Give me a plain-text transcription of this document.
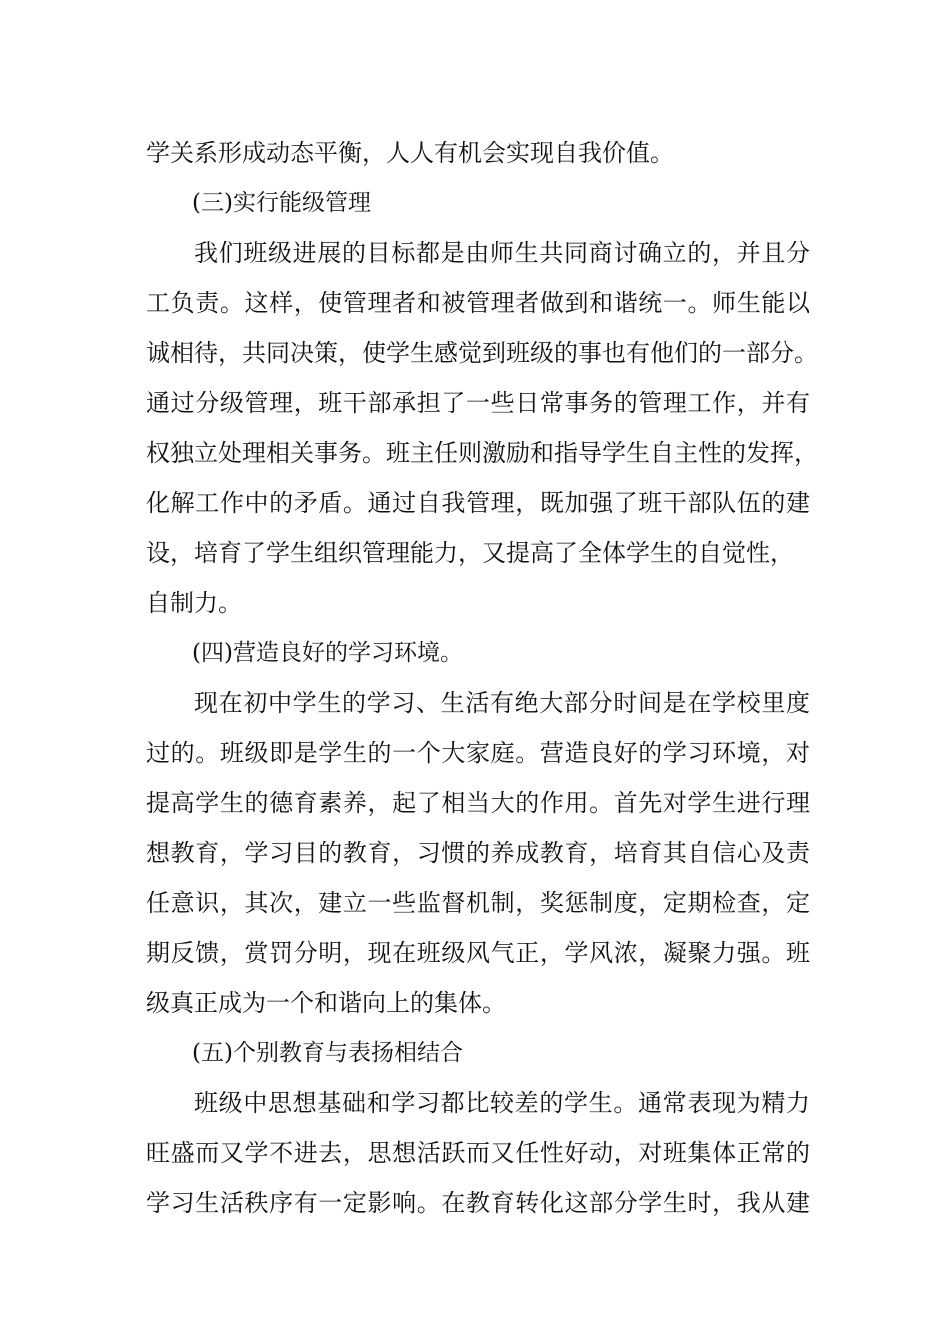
学关系形成动态平衡，人人有机会实现自我价值。
(三)实行能级管理
我们班级进展的目标都是由师生共同商讨确立的，并且分
工负责。这样，使管理者和被管理者做到和谐统一。师生能以
诚相待，共同决策，使学生感觉到班级的事也有他们的一部分。
通过分级管理，班干部承担了一些日常事务的管理工作，并有
权独立处理相关事务。班主任则激励和指导学生自主性的发挥，
化解工作中的矛盾。通过自我管理，既加强了班干部队伍的建
设，培育了学生组织管理能力，又提高了全体学生的自觉性，
自制力。
(四)营造良好的学习环境。
现在初中学生的学习、生活有绝大部分时间是在学校里度
过的。班级即是学生的一个大家庭。营造良好的学习环境，对
提高学生的德育素养，起了相当大的作用。首先对学生进行理
想教育，学习目的教育，习惯的养成教育，培育其自信心及责
任意识，其次，建立一些监督机制，奖惩制度，定期检查，定
期反馈，赏罚分明，现在班级风气正，学风浓，凝聚力强。班
级真正成为一个和谐向上的集体。
(五)个别教育与表扬相结合
班级中思想基础和学习都比较差的学生。通常表现为精力
旺盛而又学不进去，思想活跃而又任性好动，对班集体正常的
学习生活秩序有一定影响。在教育转化这部分学生时，我从建
